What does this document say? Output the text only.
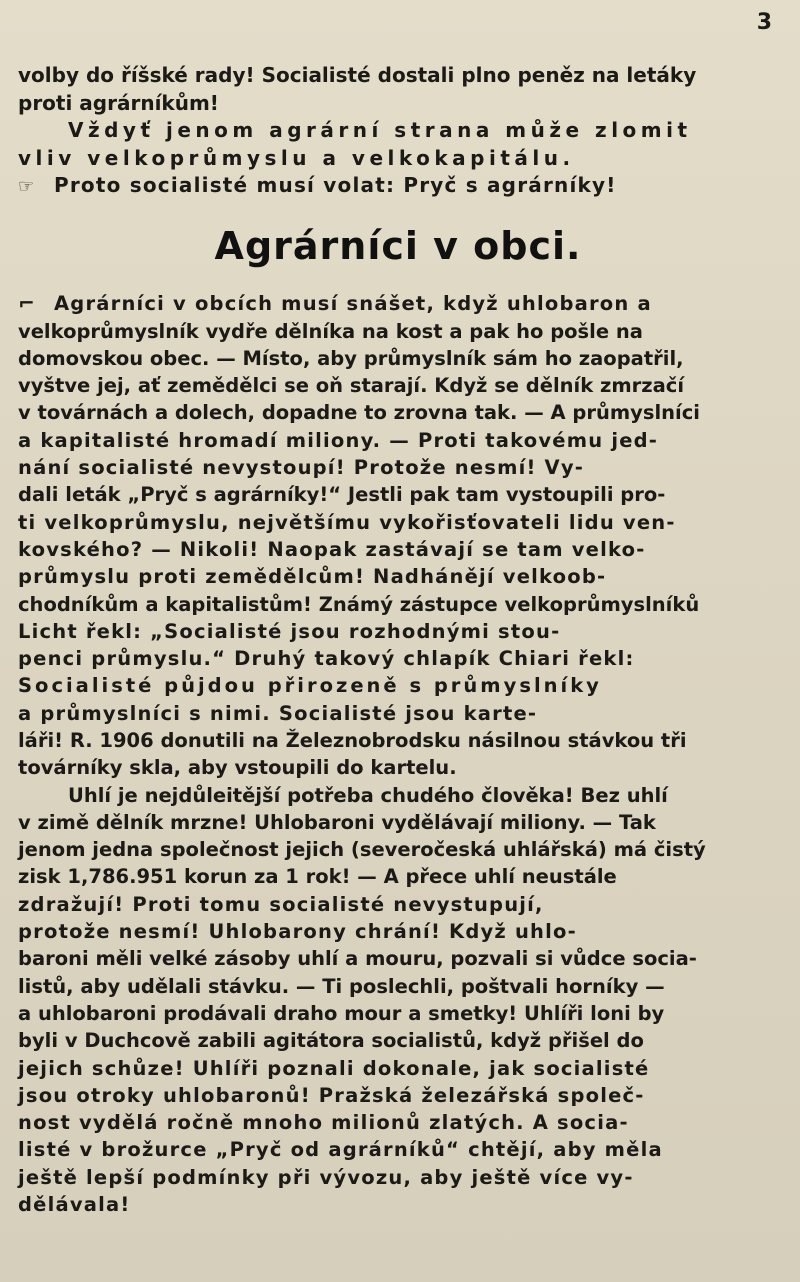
3

volby do říšské rady! Socialisté dostali plno peněz na letáky

proti agrárníkům!

Vždyť jenom agrární strana může zlomit

vliv velkoprůmyslu a velkokapitálu.

☞ Proto socialisté musí volat: Pryč s agrárníky!

Agrárníci v obci.

⌐ Agrárníci v obcích musí snášet, když uhlobaron a

velkoprůmyslník vydře dělníka na kost a pak ho pošle na

domovskou obec. — Místo, aby průmyslník sám ho zaopatřil,

vyštve jej, ať zemědělci se oň starají. Když se dělník zmrzačí

v továrnách a dolech, dopadne to zrovna tak. — A průmyslníci

a kapitalisté hromadí miliony. — Proti takovému jed-

nání socialisté nevystoupí! Protože nesmí! Vy-

dali leták „Pryč s agrárníky!“ Jestli pak tam vystoupili pro-

ti velkoprůmyslu, největšímu vykořisťovateli lidu ven-

kovského? — Nikoli! Naopak zastávají se tam velko-

průmyslu proti zemědělcům! Nadhánějí velkoob-

chodníkům a kapitalistům! Známý zástupce velkoprůmyslníků

Licht řekl: „Socialisté jsou rozhodnými stou-

penci průmyslu.“ Druhý takový chlapík Chiari řekl:

Socialisté půjdou přirozeně s průmyslníky

a průmyslníci s nimi. Socialisté jsou karte-

láři! R. 1906 donutili na Železnobrodsku násilnou stávkou tři

továrníky skla, aby vstoupili do kartelu.

Uhlí je nejdůleitější potřeba chudého člověka! Bez uhlí

v zimě dělník mrzne! Uhlobaroni vydělávají miliony. — Tak

jenom jedna společnost jejich (severočeská uhlářská) má čistý

zisk 1,786.951 korun za 1 rok! — A přece uhlí neustále

zdražují! Proti tomu socialisté nevystupují,

protože nesmí! Uhlobarony chrání! Když uhlo-

baroni měli velké zásoby uhlí a mouru, pozvali si vůdce socia-

listů, aby udělali stávku. — Ti poslechli, poštvali horníky —

a uhlobaroni prodávali draho mour a smetky! Uhlíři loni by

byli v Duchcově zabili agitátora socialistů, když přišel do

jejich schůze! Uhlíři poznali dokonale, jak socialisté

jsou otroky uhlobaronů! Pražská železářská společ-

nost vydělá ročně mnoho milionů zlatých. A socia-

listé v brožurce „Pryč od agrárníků“ chtějí, aby měla

ještě lepší podmínky při vývozu, aby ještě více vy-

dělávala!
